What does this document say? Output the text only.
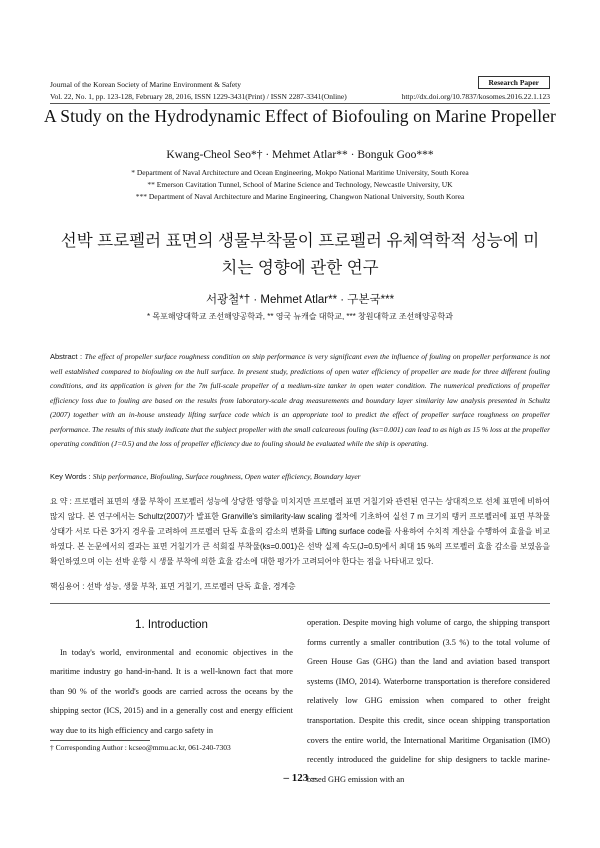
Journal of the Korean Society of Marine Environment & Safety	Research Paper
Vol. 22, No. 1, pp. 123-128, February 28, 2016, ISSN 1229-3431(Print) / ISSN 2287-3341(Online)	http://dx.doi.org/10.7837/kosomes.2016.22.1.123
A Study on the Hydrodynamic Effect of Biofouling on Marine Propeller
Kwang-Cheol Seo*† · Mehmet Atlar** · Bonguk Goo***
* Department of Naval Architecture and Ocean Engineering, Mokpo National Maritime University, South Korea
** Emerson Cavitation Tunnel, School of Marine Science and Technology, Newcastle University, UK
*** Department of Naval Architecture and Marine Engineering, Changwon National University, South Korea
선박 프로펠러 표면의 생물부착물이 프로펠러 유체역학적 성능에 미치는 영향에 관한 연구
서광철*† · Mehmet Atlar** · 구본국***
* 목포해양대학교 조선해양공학과, ** 영국 뉴캐슬 대학교, *** 창원대학교 조선해양공학과
Abstract : The effect of propeller surface roughness condition on ship performance is very significant even the influence of fouling on propeller performance is not well established compared to biofouling on the hull surface. In present study, predictions of open water efficiency of propeller are made for three different fouling conditions, and its application is given for the 7m full-scale propeller of a medium-size tanker in open water condition. The numerical predictions of propeller efficiency loss due to fouling are based on the results from laboratory-scale drag measurements and boundary layer similarity law analysis presented in Schultz (2007) together with an in-house unsteady lifting surface code which is an appropriate tool to predict the effect of propeller surface roughness on propeller performance. The results of this study indicate that the subject propeller with the small calcareous fouling (ks=0.001) can lead to as high as 15 % loss at the propeller operating condition (J=0.5) and the loss of propeller efficiency due to fouling should be evaluated while the ship is operating.
Key Words : Ship performance, Biofouling, Surface roughness, Open water efficiency, Boundary layer
요 약 : 프로펠러 표면의 생물 부착이 프로펠러 성능에 상당한 영향을 미치지만 프로펠러 표면 거칠기와 관련된 연구는 상대적으로 선체 표면에 비하여 많지 않다. 본 연구에서는 Schultz(2007)가 발표한 Granville's similarity-law scaling 절차에 기초하여 실선 7 m 크기의 탱커 프로펠러에 표면 부착물 상태가 서로 다른 3가지 경우를 고려하여 프로펠러 단독 효율의 감소의 변화를 Lifting surface code를 사용하여 수치적 계산을 수행하여 효율을 비교하였다. 본 논문에서의 결과는 표면 거칠기가 큰 석회질 부착물(ks=0.001)은 선박 실제 속도(J=0.5)에서 최대 15 %의 프로펠러 효율 감소를 보였음을 확인하였으며 이는 선박 운항 시 생물 부착에 의한 효율 감소에 대한 평가가 고려되어야 한다는 점을 나타내고 있다.
핵심용어 : 선박 성능, 생물 부착, 표면 거칠기, 프로펠러 단독 효율, 경계층
1. Introduction
In today's world, environmental and economic objectives in the maritime industry go hand-in-hand. It is a well-known fact that more than 90 % of the world's goods are carried across the oceans by the shipping sector (ICS, 2015) and in a generally cost and energy efficient way due to its high efficiency and cargo safety in
operation. Despite moving high volume of cargo, the shipping transport forms currently a smaller contribution (3.5 %) to the total volume of Green House Gas (GHG) than the land and aviation based transport systems (IMO, 2014). Waterborne transportation is therefore considered relatively low GHG emission when compared to other freight transportation. Despite this credit, since ocean shipping transportation covers the entire world, the International Maritime Organisation (IMO) recently introduced the guideline for ship designers to tackle marine-based GHG emission with an
† Corresponding Author : kcseo@mmu.ac.kr, 061-240-7303
– 123 –
